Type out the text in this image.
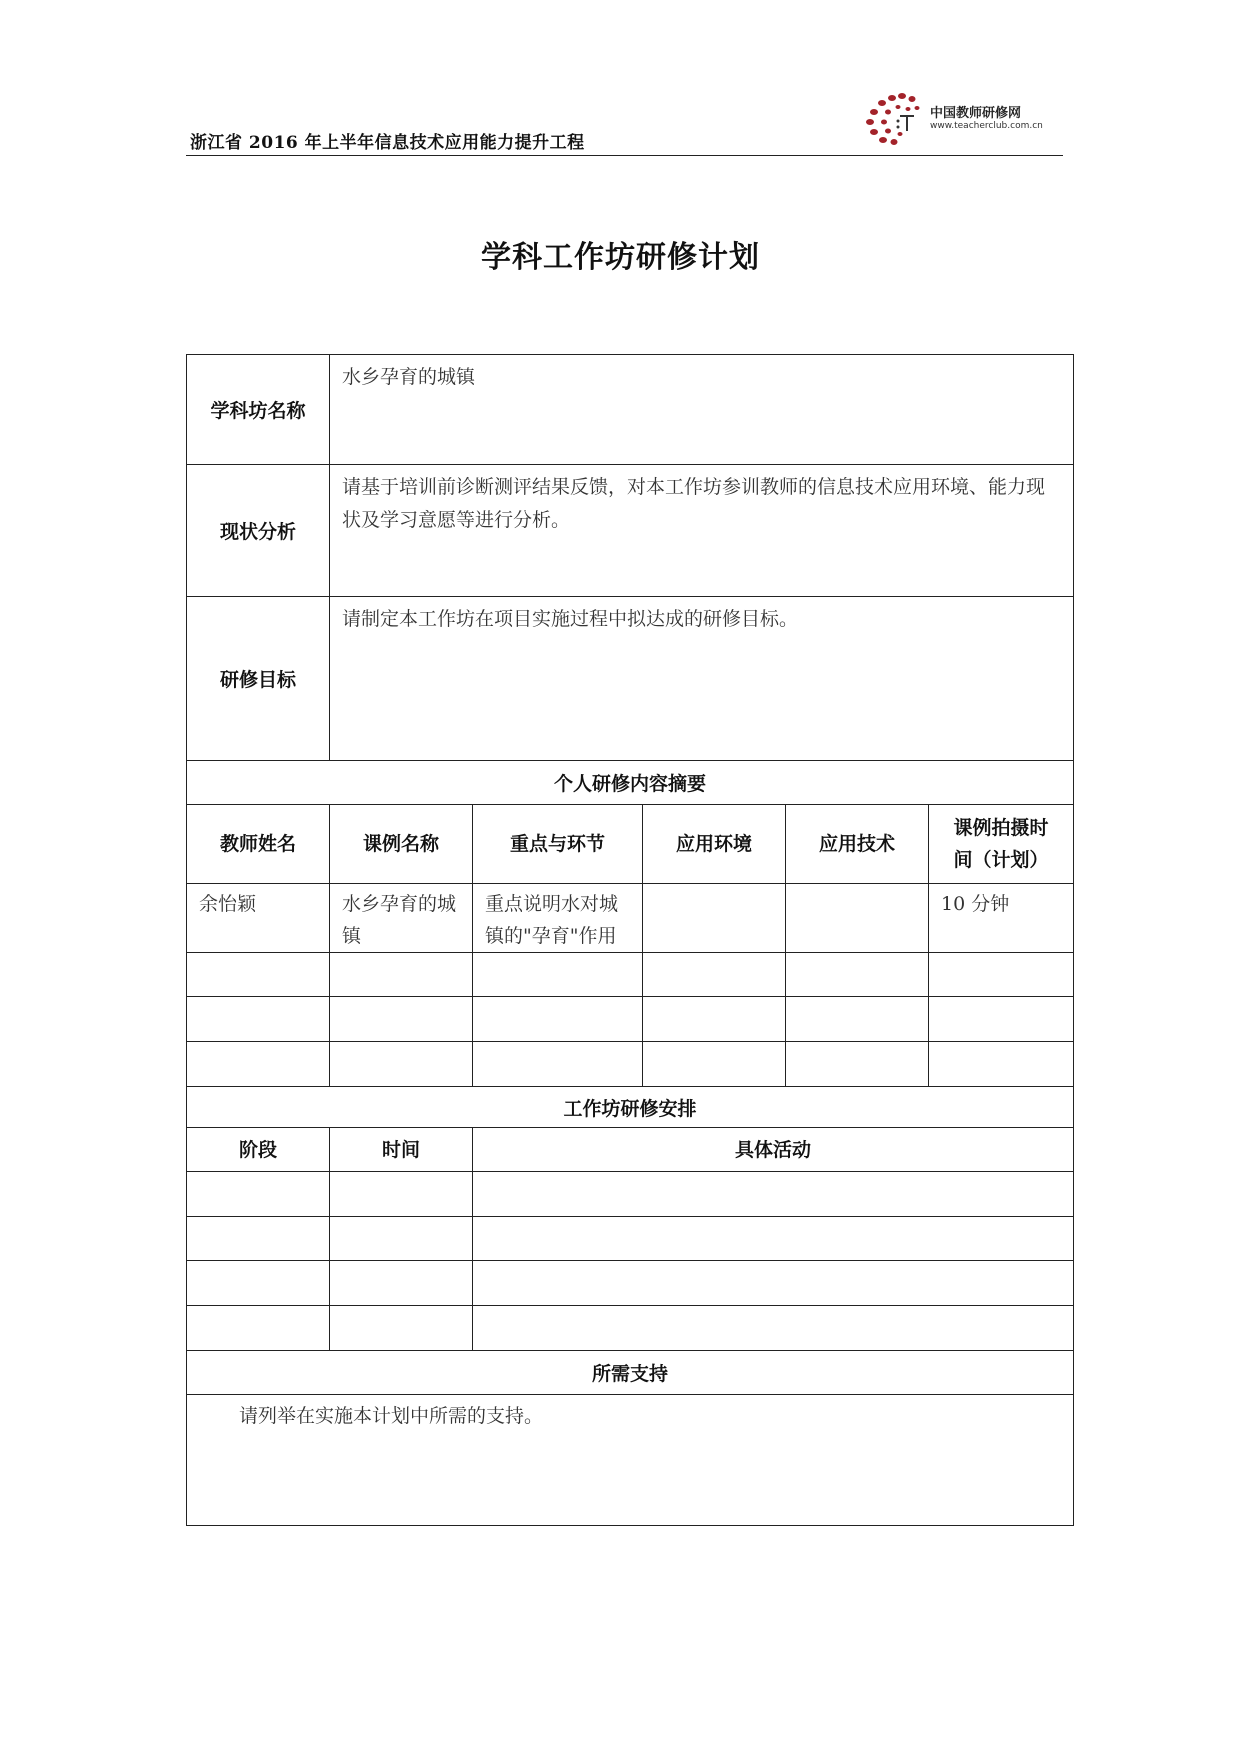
浙江省 2016 年上半年信息技术应用能力提升工程
中国教师研修网
www.teacherclub.com.cn
学科工作坊研修计划
学科坊名称	水乡孕育的城镇				
现状分析	请基于培训前诊断测评结果反馈，对本工作坊参训教师的信息技术应用环境、能力现状及学习意愿等进行分析。				
研修目标	请制定本工作坊在项目实施过程中拟达成的研修目标。				
个人研修内容摘要					
教师姓名	课例名称	重点与环节	应用环境	应用技术	课例拍摄时间（计划）
余怡颖	水乡孕育的城镇	重点说明水对城镇的"孕育"作用			10 分钟

工作坊研修安排					
阶段	时间	具体活动			

所需支持					
请列举在实施本计划中所需的支持。					
